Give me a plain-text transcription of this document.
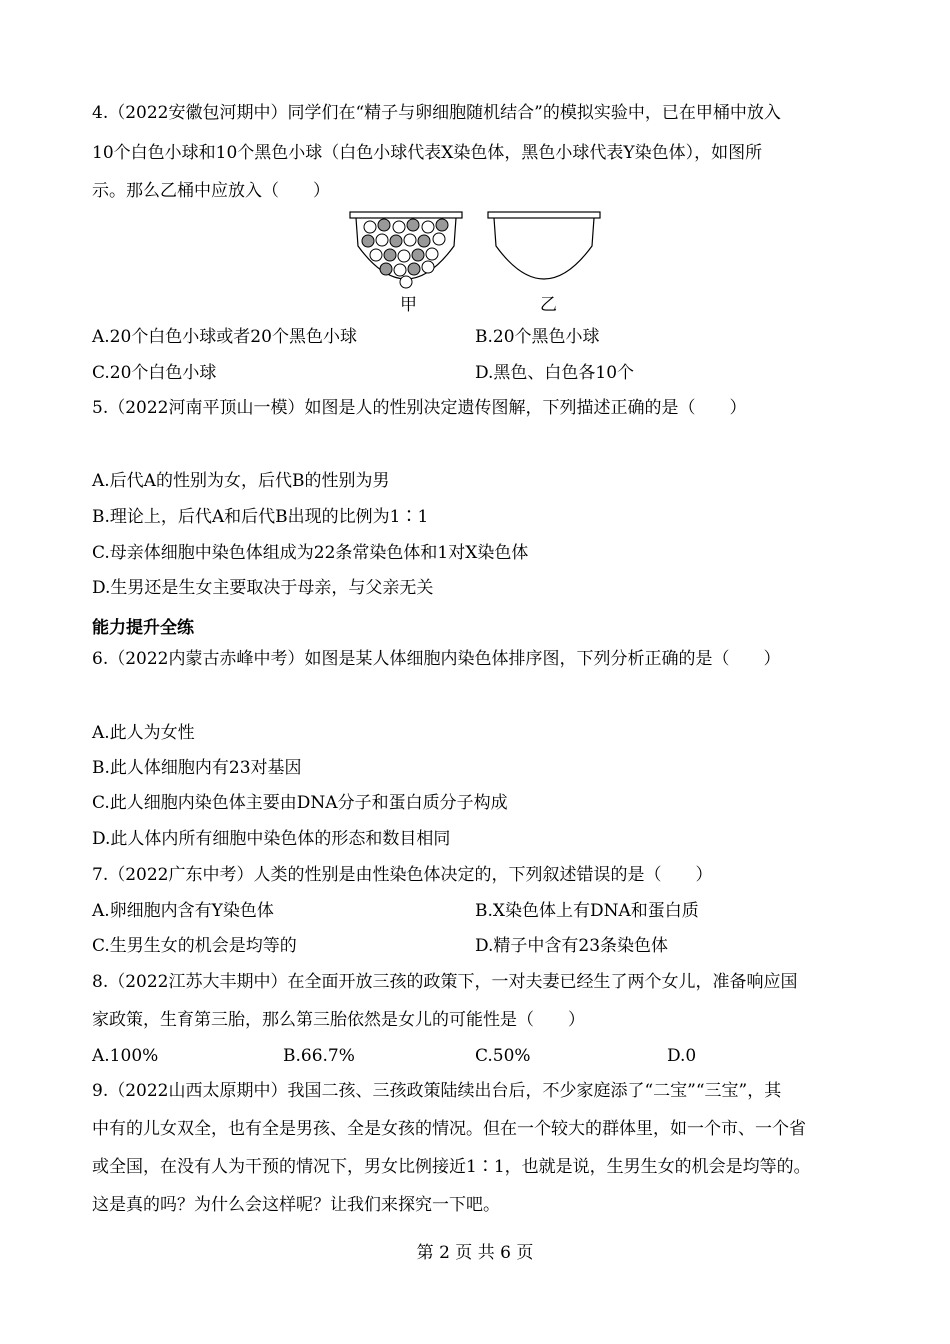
4.（2022安徽包河期中）同学们在“精子与卵细胞随机结合”的模拟实验中，已在甲桶中放入
10个白色小球和10个黑色小球（白色小球代表X染色体，黑色小球代表Y染色体），如图所
示。那么乙桶中应放入（　　）
甲	乙
A.20个白色小球或者20个黑色小球	B.20个黑色小球
C.20个白色小球	D.黑色、白色各10个
5.（2022河南平顶山一模）如图是人的性别决定遗传图解，下列描述正确的是（　　）
A.后代A的性别为女，后代B的性别为男
B.理论上，后代A和后代B出现的比例为1∶1
C.母亲体细胞中染色体组成为22条常染色体和1对X染色体
D.生男还是生女主要取决于母亲，与父亲无关
能力提升全练
6.（2022内蒙古赤峰中考）如图是某人体细胞内染色体排序图，下列分析正确的是（　　）
A.此人为女性
B.此人体细胞内有23对基因
C.此人细胞内染色体主要由DNA分子和蛋白质分子构成
D.此人体内所有细胞中染色体的形态和数目相同
7.（2022广东中考）人类的性别是由性染色体决定的，下列叙述错误的是（　　）
A.卵细胞内含有Y染色体	B.X染色体上有DNA和蛋白质
C.生男生女的机会是均等的	D.精子中含有23条染色体
8.（2022江苏大丰期中）在全面开放三孩的政策下，一对夫妻已经生了两个女儿，准备响应国
家政策，生育第三胎，那么第三胎依然是女儿的可能性是（　　）
A.100%	B.66.7%	C.50%	D.0
9.（2022山西太原期中）我国二孩、三孩政策陆续出台后，不少家庭添了“二宝”“三宝”，其
中有的儿女双全，也有全是男孩、全是女孩的情况。但在一个较大的群体里，如一个市、一个省
或全国，在没有人为干预的情况下，男女比例接近1∶1，也就是说，生男生女的机会是均等的。
这是真的吗？为什么会这样呢？让我们来探究一下吧。
第 2 页 共 6 页
